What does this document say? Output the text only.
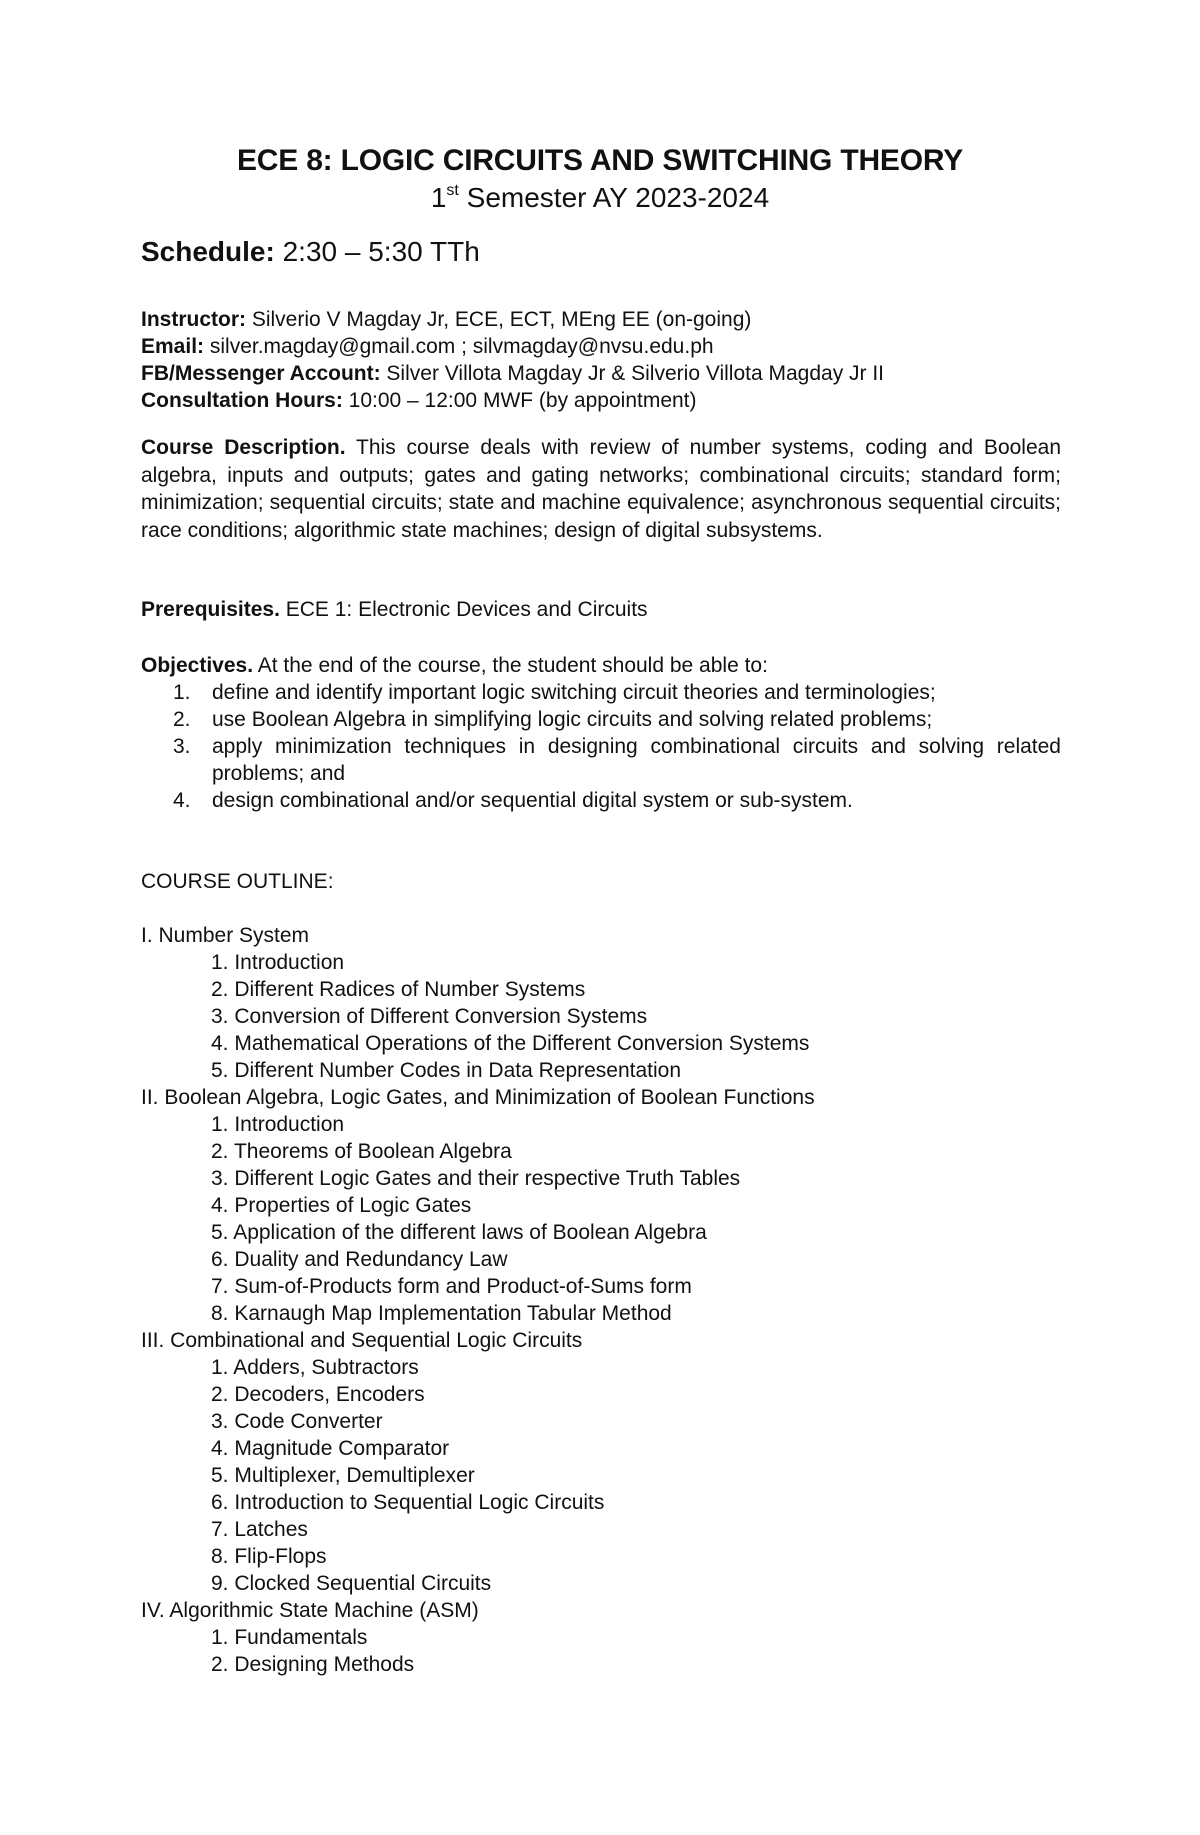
ECE 8: LOGIC CIRCUITS AND SWITCHING THEORY
1st Semester AY 2023-2024
Schedule: 2:30 – 5:30 TTh
Instructor: Silverio V Magday Jr, ECE, ECT, MEng EE (on-going)
Email: silver.magday@gmail.com ; silvmagday@nvsu.edu.ph
FB/Messenger Account: Silver Villota Magday Jr & Silverio Villota Magday Jr II
Consultation Hours: 10:00 – 12:00 MWF (by appointment)
Course Description. This course deals with review of number systems, coding and Boolean algebra, inputs and outputs; gates and gating networks; combinational circuits; standard form; minimization; sequential circuits; state and machine equivalence; asynchronous sequential circuits; race conditions; algorithmic state machines; design of digital subsystems.
Prerequisites. ECE 1: Electronic Devices and Circuits
Objectives. At the end of the course, the student should be able to:
1. define and identify important logic switching circuit theories and terminologies;
2. use Boolean Algebra in simplifying logic circuits and solving related problems;
3. apply minimization techniques in designing combinational circuits and solving related problems; and
4. design combinational and/or sequential digital system or sub-system.
COURSE OUTLINE:
I. Number System
1. Introduction
2. Different Radices of Number Systems
3. Conversion of Different Conversion Systems
4. Mathematical Operations of the Different Conversion Systems
5. Different Number Codes in Data Representation
II. Boolean Algebra, Logic Gates, and Minimization of Boolean Functions
1. Introduction
2. Theorems of Boolean Algebra
3. Different Logic Gates and their respective Truth Tables
4. Properties of Logic Gates
5. Application of the different laws of Boolean Algebra
6. Duality and Redundancy Law
7. Sum-of-Products form and Product-of-Sums form
8. Karnaugh Map Implementation Tabular Method
III. Combinational and Sequential Logic Circuits
1. Adders, Subtractors
2. Decoders, Encoders
3. Code Converter
4. Magnitude Comparator
5. Multiplexer, Demultiplexer
6. Introduction to Sequential Logic Circuits
7. Latches
8. Flip-Flops
9. Clocked Sequential Circuits
IV. Algorithmic State Machine (ASM)
1. Fundamentals
2. Designing Methods
